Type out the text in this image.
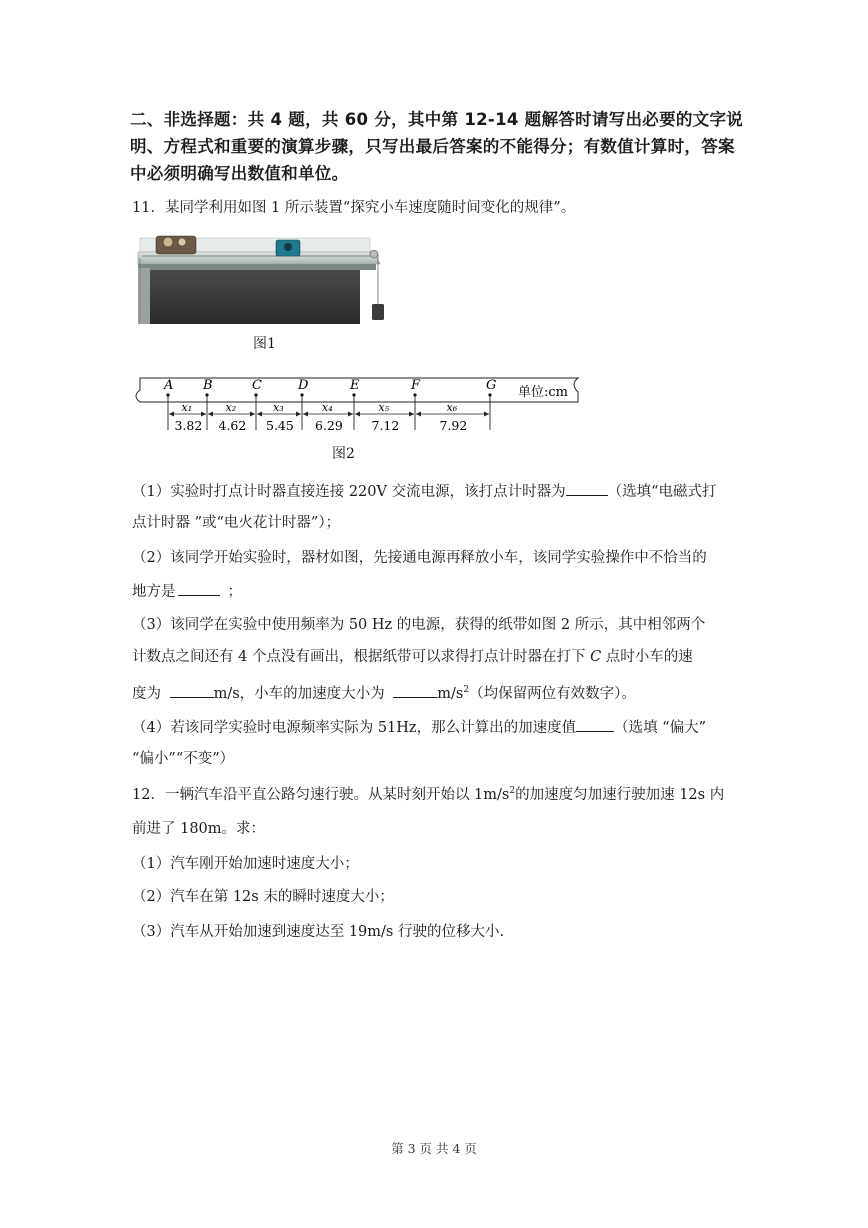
二、非选择题：共 4 题，共 60 分，其中第 12-14 题解答时请写出必要的文字说明、方程式和重要的演算步骤，只写出最后答案的不能得分；有数值计算时，答案中必须明确写出数值和单位。
11．某同学利用如图 1 所示装置“探究小车速度随时间变化的规律”。
图1
A B	C	D	E	F	G
x₁
3.82
x₂
4.62
x₃
5.45
x₄
6.29
x₅
7.12
x₆
7.92
单位:cm
图2
（1）实验时打点计时器直接连接 220V 交流电源，该打点计时器为	（选填“电磁式打
点计时器 ”或“电火花计时器”）；
（2）该同学开始实验时，器材如图，先接通电源再释放小车，该同学实验操作中不恰当的
地方是	；
（3）该同学在实验中使用频率为 50 Hz 的电源，获得的纸带如图 2 所示，其中相邻两个
计数点之间还有 4 个点没有画出，根据纸带可以求得打点计时器在打下 C 点时小车的速
度为	m/s，小车的加速度大小为	$m/s^2$（均保留两位有效数字）。
（4）若该同学实验时电源频率实际为 51Hz，那么计算出的加速度值	（选填 “偏大”
“偏小”“不变”）
12．一辆汽车沿平直公路匀速行驶。从某时刻开始以 $1m/s^2$的加速度匀加速行驶加速 12s 内
前进了 180m。求：
（1）汽车刚开始加速时速度大小；
（2）汽车在第 12s 末的瞬时速度大小；
（3）汽车从开始加速到速度达至 19m/s 行驶的位移大小.
第 3 页 共 4 页
